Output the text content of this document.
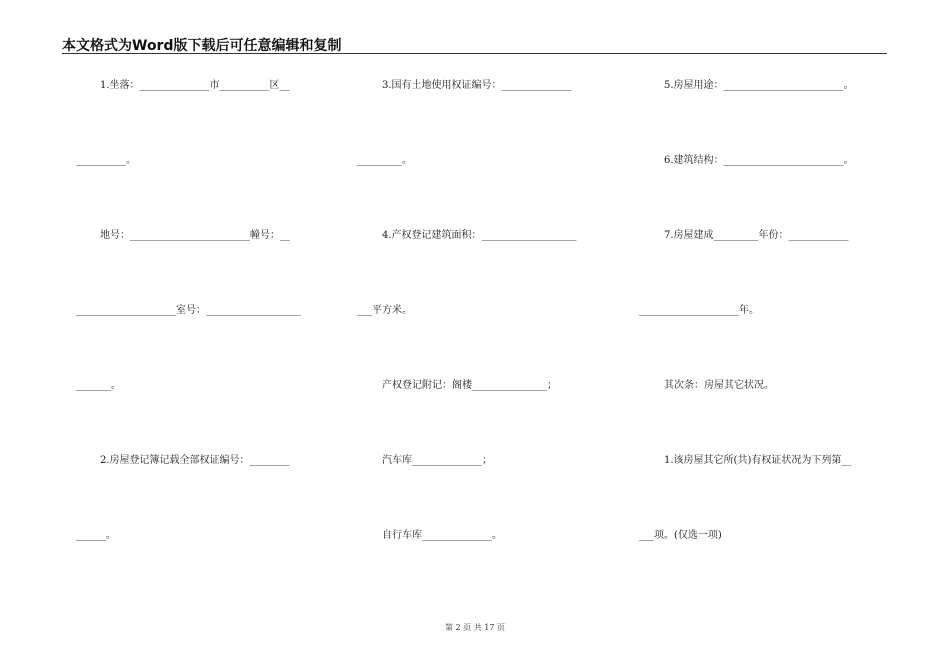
本文格式为Word版下载后可任意编辑和复制
1.坐落：______________市__________区__
__________。
地号：________________________幢号：__
____________________室号：___________________
_______。
2.房屋登记簿记载全部权证编号：________
______。
3.国有土地使用权证编号：______________
_________。
4.产权登记建筑面积：___________________
___平方米。
产权登记附记：阁楼_______________；
汽车库______________；
自行车库______________。
5.房屋用途：________________________。
6.建筑结构：________________________。
7.房屋建成_________年份：____________
____________________年。
其次条：房屋其它状况。
1.该房屋其它所(共)有权证状况为下列第__
___项。(仅选一项)
第 2 页 共 17 页
